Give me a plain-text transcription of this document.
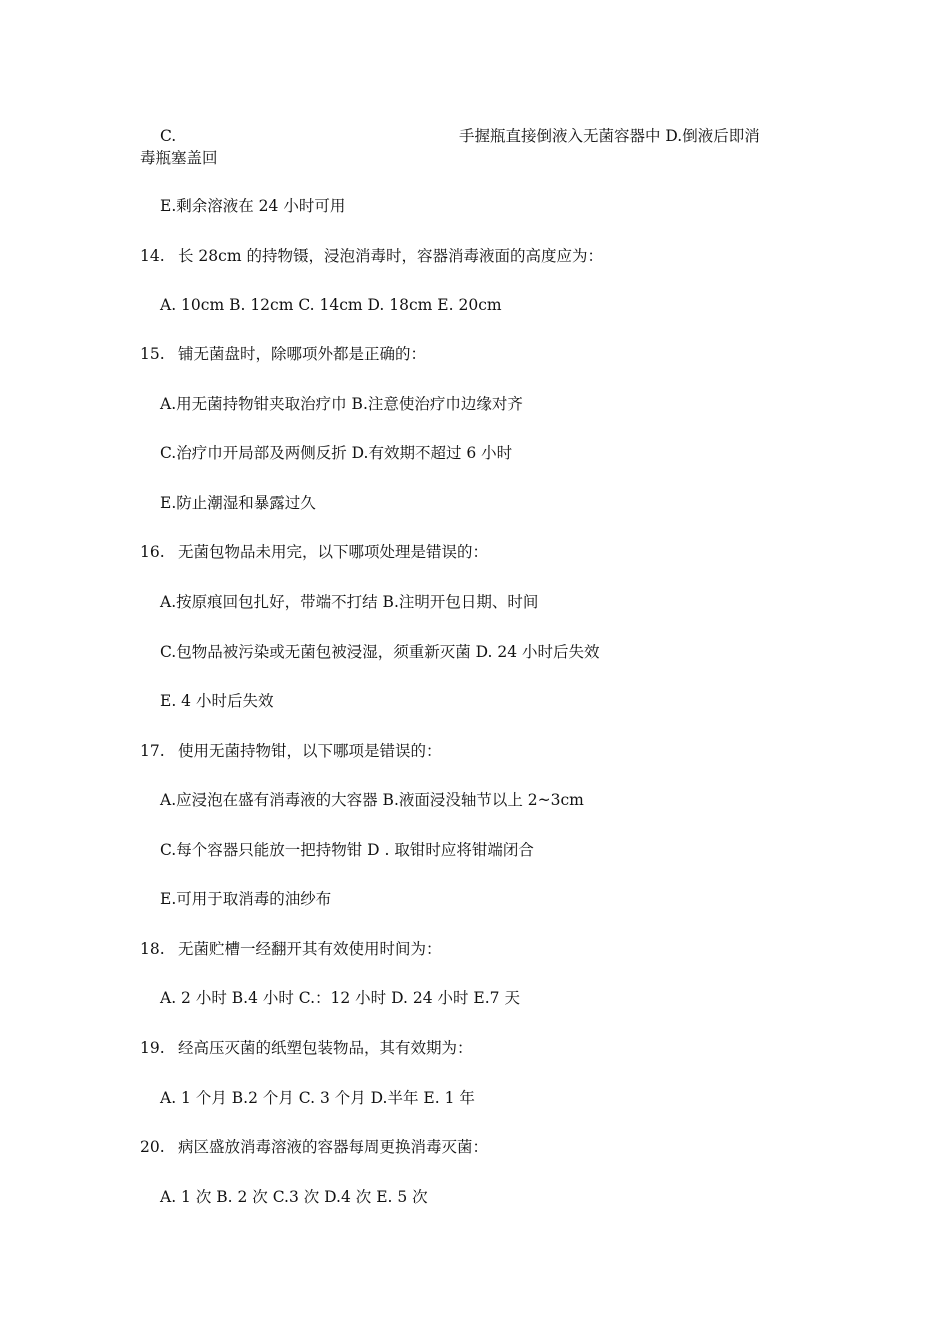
C.	手握瓶直接倒液入无菌容器中 D.倒液后即消
毒瓶塞盖回
E.剩余溶液在 24 小时可用
14. 长 28cm 的持物镊，浸泡消毒时，容器消毒液面的高度应为：
A. 10cm B. 12cm C. 14cm D. 18cm E. 20cm
15. 铺无菌盘时，除哪项外都是正确的：
A.用无菌持物钳夹取治疗巾 B.注意使治疗巾边缘对齐
C.治疗巾开局部及两侧反折 D.有效期不超过 6 小时
E.防止潮湿和暴露过久
16. 无菌包物品未用完，以下哪项处理是错误的：
A.按原痕回包扎好，带端不打结 B.注明开包日期、时间
C.包物品被污染或无菌包被浸湿，须重新灭菌 D. 24 小时后失效
E. 4 小时后失效
17. 使用无菌持物钳，以下哪项是错误的：
A.应浸泡在盛有消毒液的大容器 B.液面浸没轴节以上 2~3cm
C.每个容器只能放一把持物钳 D . 取钳时应将钳端闭合
E.可用于取消毒的油纱布
18. 无菌贮槽一经翻开其有效使用时间为：
A. 2 小时 B.4 小时 C.：12 小时 D. 24 小时 E.7 天
19. 经高压灭菌的纸塑包装物品，其有效期为：
A. 1 个月 B.2 个月 C. 3 个月 D.半年 E. 1 年
20. 病区盛放消毒溶液的容器每周更换消毒灭菌：
A. 1 次 B. 2 次 C.3 次 D.4 次 E. 5 次
